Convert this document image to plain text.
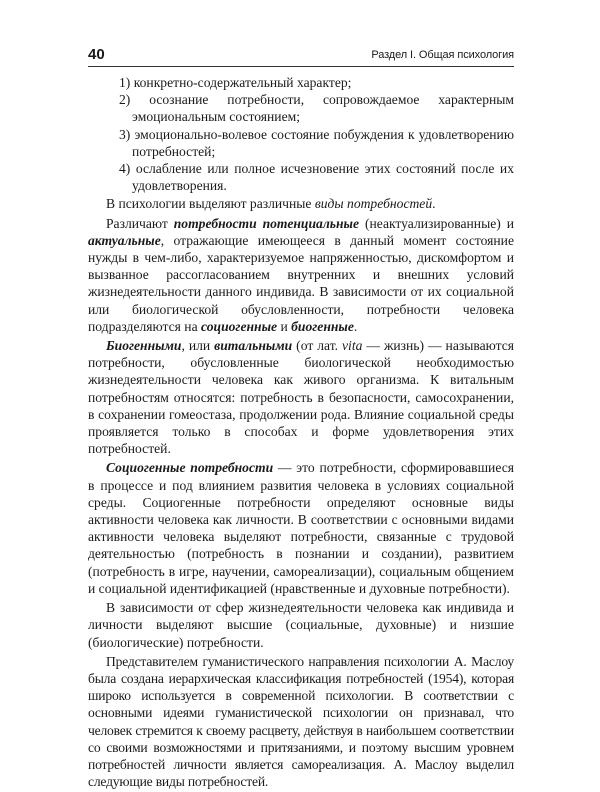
40	Раздел I. Общая психология
1) конкретно-содержательный характер;
2) осознание потребности, сопровождаемое характерным эмоциональным состоянием;
3) эмоционально-волевое состояние побуждения к удовлетворению потребностей;
4) ослабление или полное исчезновение этих состояний после их удовлетворения.

В психологии выделяют различные виды потребностей.

Различают потребности потенциальные (неактуализированные) и актуальные, отражающие имеющееся в данный момент состояние нужды в чем-либо, характеризуемое напряженностью, дискомфортом и вызванное рассогласованием внутренних и внешних условий жизнедеятельности данного индивида. В зависимости от их социальной или биологической обусловленности, потребности человека подразделяются на социогенные и биогенные.

Биогенными, или витальными (от лат. vita — жизнь) — называются потребности, обусловленные биологической необходимостью жизнедеятельности человека как живого организма. К витальным потребностям относятся: потребность в безопасности, самосохранении, в сохранении гомеостаза, продолжении рода. Влияние социальной среды проявляется только в способах и форме удовлетворения этих потребностей.

Социогенные потребности — это потребности, сформировавшиеся в процессе и под влиянием развития человека в условиях социальной среды. Социогенные потребности определяют основные виды активности человека как личности. В соответствии с основными видами активности человека выделяют потребности, связанные с трудовой деятельностью (потребность в познании и создании), развитием (потребность в игре, научении, самореализации), социальным общением и социальной идентификацией (нравственные и духовные потребности).

В зависимости от сфер жизнедеятельности человека как индивида и личности выделяют высшие (социальные, духовные) и низшие (биологические) потребности.

Представителем гуманистического направления психологии А. Маслоу была создана иерархическая классификация потребностей (1954), которая широко используется в современной психологии. В соответствии с основными идеями гуманистической психологии он признавал, что человек стремится к своему расцвету, действуя в наибольшем соответствии со своими возможностями и притязаниями, и поэтому высшим уровнем потребностей личности является самореализация. А. Маслоу выделил следующие виды потребностей.
